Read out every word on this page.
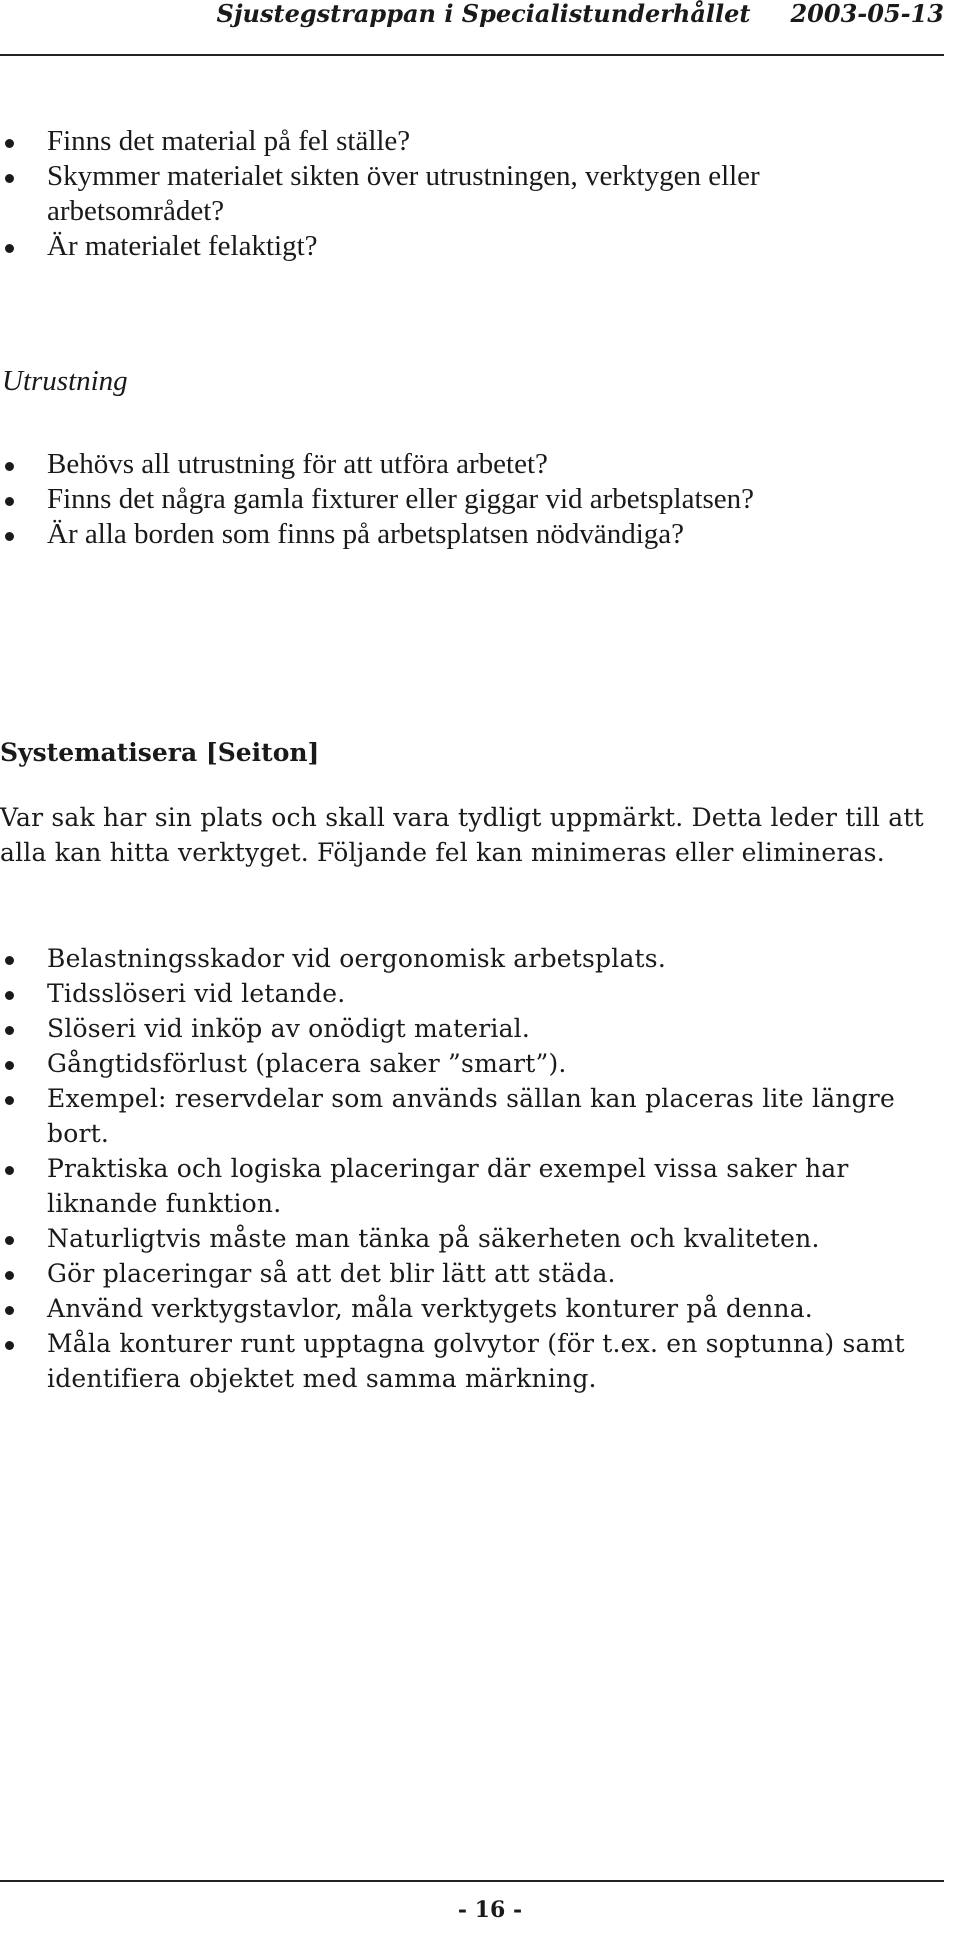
Sjustegstrappan i Specialistunderhållet 2003-05-13
Finns det material på fel ställe?
Skymmer materialet sikten över utrustningen, verktygen eller arbetsområdet?
Är materialet felaktigt?
Utrustning
Behövs all utrustning för att utföra arbetet?
Finns det några gamla fixturer eller giggar vid arbetsplatsen?
Är alla borden som finns på arbetsplatsen nödvändiga?
Systematisera [Seiton]

Var sak har sin plats och skall vara tydligt uppmärkt. Detta leder till att alla kan hitta verktyget. Följande fel kan minimeras eller elimineras.

Belastningsskador vid oergonomisk arbetsplats.
Tidsslöseri vid letande.
Slöseri vid inköp av onödigt material.
Gångtidsförlust (placera saker ”smart”).
Exempel: reservdelar som används sällan kan placeras lite längre bort.
Praktiska och logiska placeringar där exempel vissa saker har liknande funktion.
Naturligtvis måste man tänka på säkerheten och kvaliteten.
Gör placeringar så att det blir lätt att städa.
Använd verktygstavlor, måla verktygets konturer på denna.
Måla konturer runt upptagna golvytor (för t.ex. en soptunna) samt identifiera objektet med samma märkning.
- 16 -
